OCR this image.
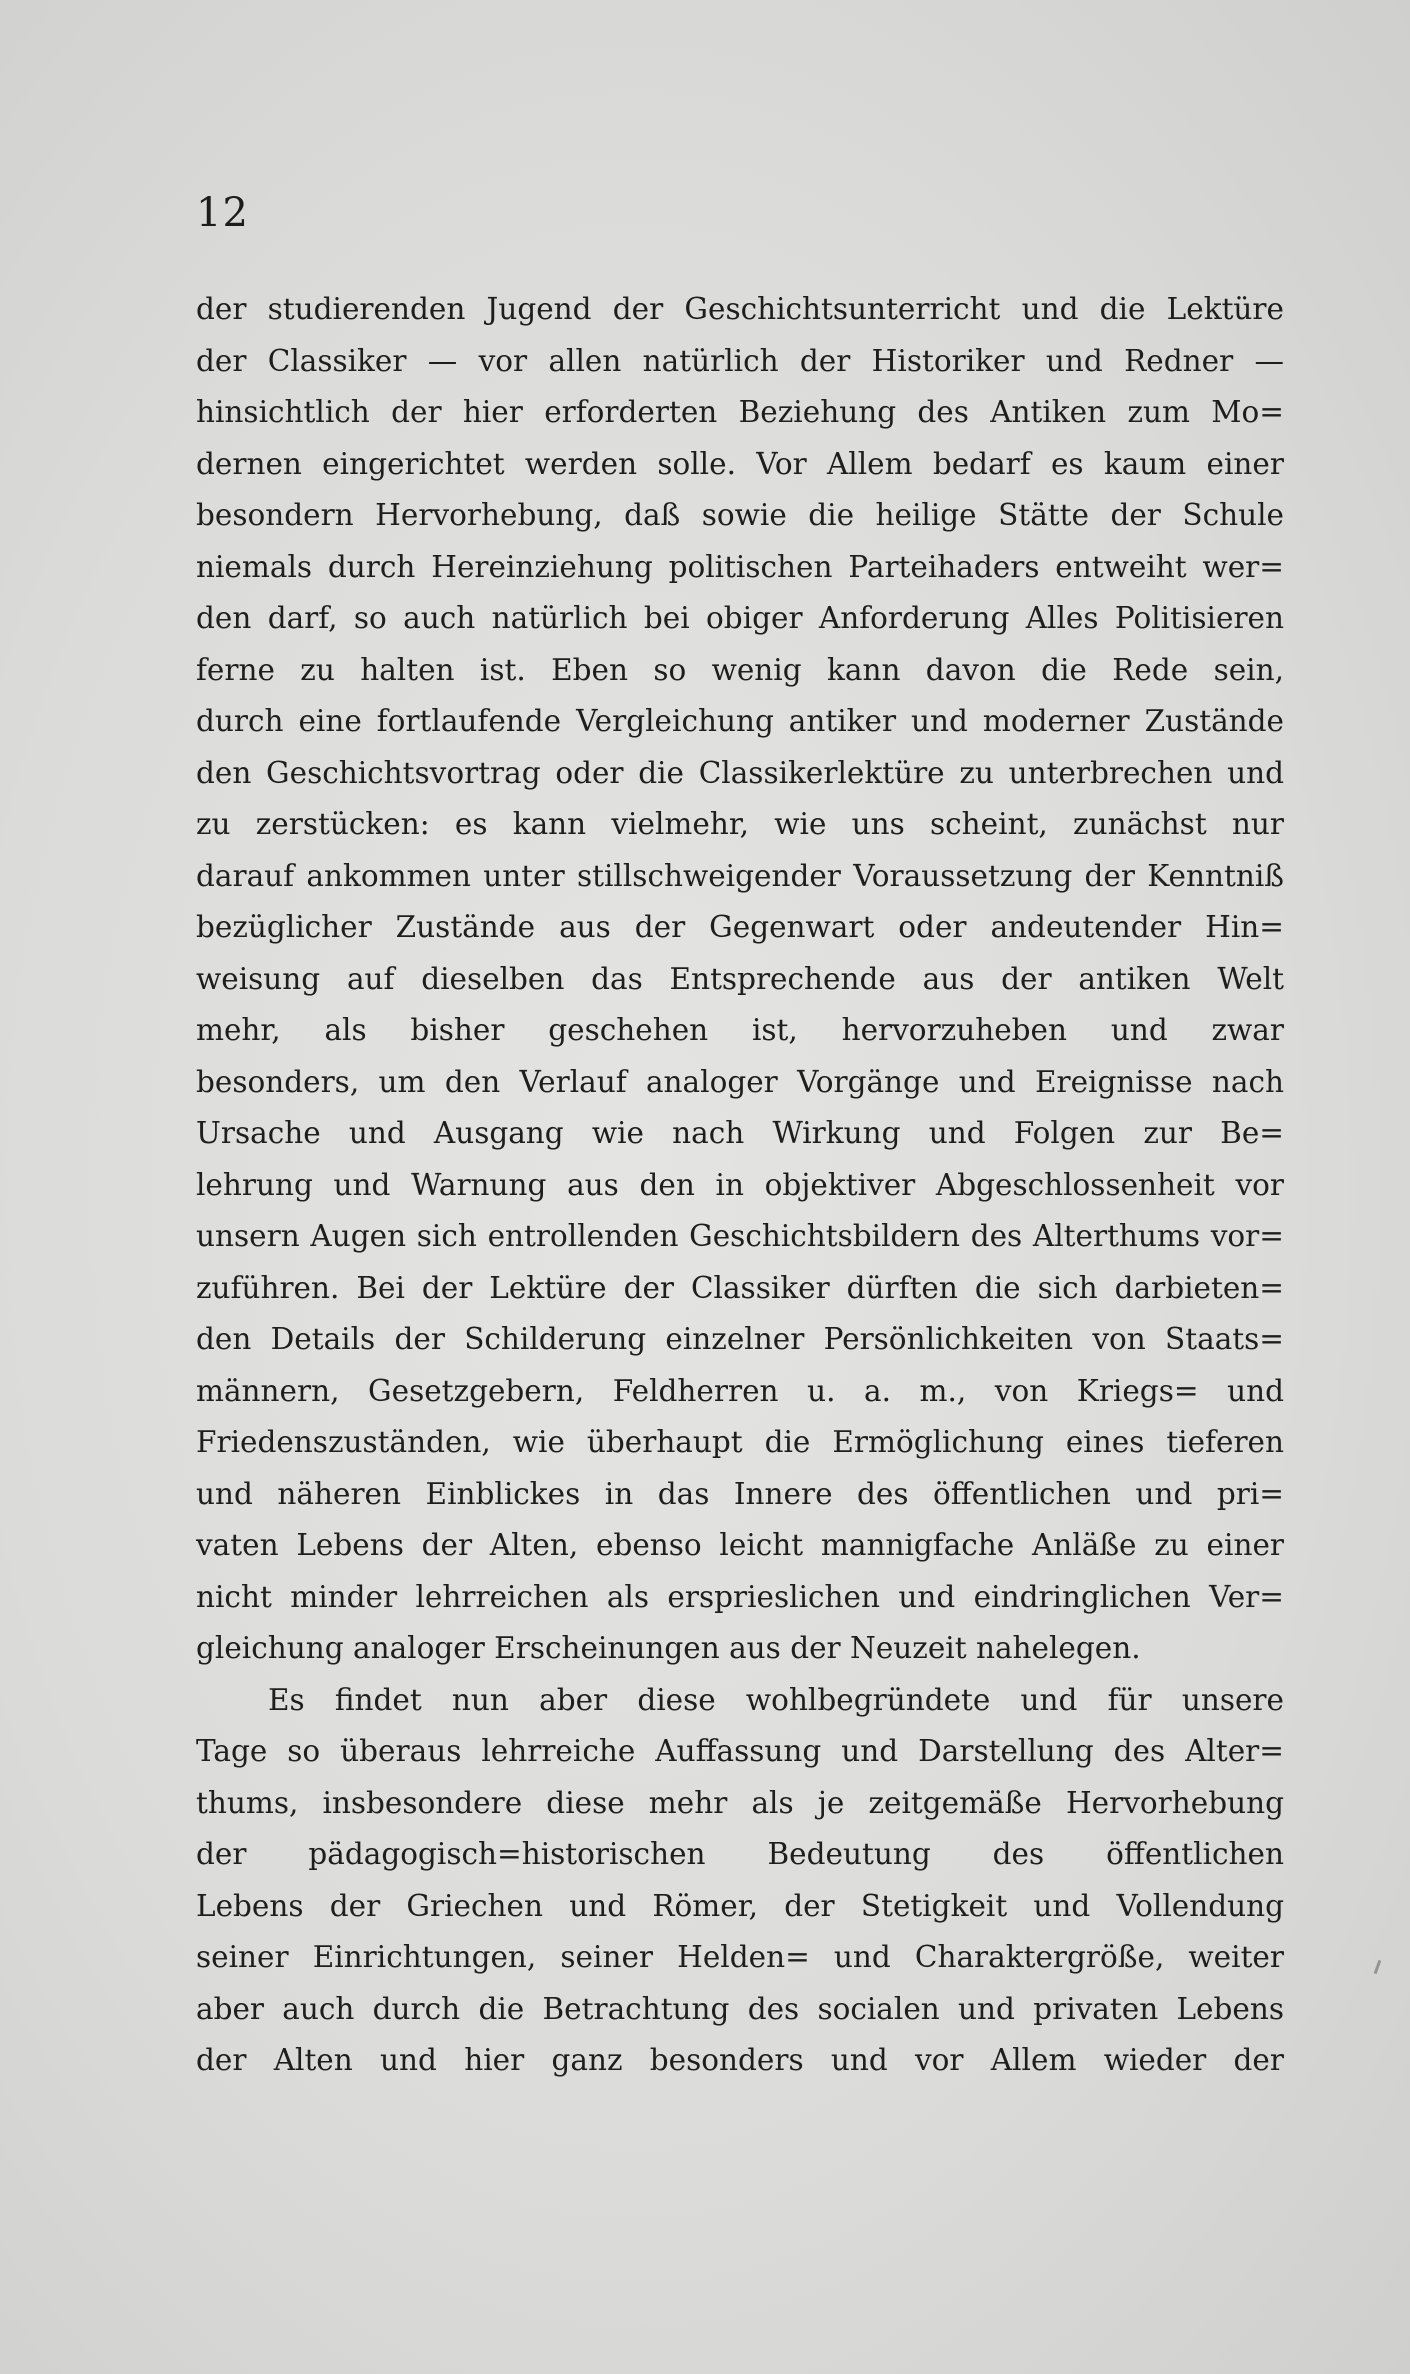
12
der studierenden Jugend der Geschichtsunterricht und die Lektüre
der Classiker — vor allen natürlich der Historiker und Redner —
hinsichtlich der hier erforderten Beziehung des Antiken zum Mo=
dernen eingerichtet werden solle. Vor Allem bedarf es kaum einer
besondern Hervorhebung, daß sowie die heilige Stätte der Schule
niemals durch Hereinziehung politischen Parteihaders entweiht wer=
den darf, so auch natürlich bei obiger Anforderung Alles Politisieren
ferne zu halten ist. Eben so wenig kann davon die Rede sein,
durch eine fortlaufende Vergleichung antiker und moderner Zustände
den Geschichtsvortrag oder die Classikerlektüre zu unterbrechen und
zu zerstücken: es kann vielmehr, wie uns scheint, zunächst nur
darauf ankommen unter stillschweigender Voraussetzung der Kenntniß
bezüglicher Zustände aus der Gegenwart oder andeutender Hin=
weisung auf dieselben das Entsprechende aus der antiken Welt
mehr, als bisher geschehen ist, hervorzuheben und zwar
besonders, um den Verlauf analoger Vorgänge und Ereignisse nach
Ursache und Ausgang wie nach Wirkung und Folgen zur Be=
lehrung und Warnung aus den in objektiver Abgeschlossenheit vor
unsern Augen sich entrollenden Geschichtsbildern des Alterthums vor=
zuführen. Bei der Lektüre der Classiker dürften die sich darbieten=
den Details der Schilderung einzelner Persönlichkeiten von Staats=
männern, Gesetzgebern, Feldherren u. a. m., von Kriegs= und
Friedenszuständen, wie überhaupt die Ermöglichung eines tieferen
und näheren Einblickes in das Innere des öffentlichen und pri=
vaten Lebens der Alten, ebenso leicht mannigfache Anläße zu einer
nicht minder lehrreichen als ersprieslichen und eindringlichen Ver=
gleichung analoger Erscheinungen aus der Neuzeit nahelegen.
Es findet nun aber diese wohlbegründete und für unsere
Tage so überaus lehrreiche Auffassung und Darstellung des Alter=
thums, insbesondere diese mehr als je zeitgemäße Hervorhebung
der pädagogisch=historischen Bedeutung des öffentlichen
Lebens der Griechen und Römer, der Stetigkeit und Vollendung
seiner Einrichtungen, seiner Helden= und Charaktergröße, weiter
aber auch durch die Betrachtung des socialen und privaten Lebens
der Alten und hier ganz besonders und vor Allem wieder der
